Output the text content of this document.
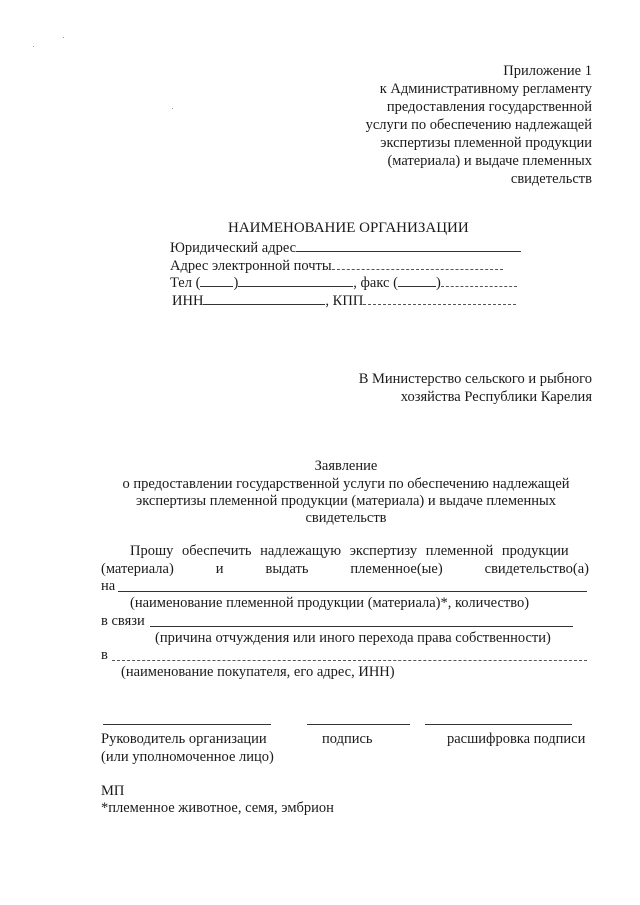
Приложение 1
к Административному регламенту
предоставления государственной
услуги по обеспечению надлежащей
экспертизы племенной продукции
(материала) и выдаче племенных
свидетельств
НАИМЕНОВАНИЕ ОРГАНИЗАЦИИ
Юридический адрес
Адрес электронной почты
Тел ( )	, факс (	)
ИНН	, КПП
В Министерство сельского и рыбного
хозяйства Республики Карелия
Заявление
о предоставлении государственной услуги по обеспечению надлежащей
экспертизы племенной продукции (материала) и выдаче племенных
свидетельств
Прошу обеспечить надлежащую экспертизу племенной продукции
(материала)	и	выдать	племенное(ые)	свидетельство(а)
на
(наименование племенной продукции (материала)*, количество)
в связи
(причина отчуждения или иного перехода права собственности)
в
(наименование покупателя, его адрес, ИНН)
Руководитель организации	подпись	расшифровка подписи
(или уполномоченное лицо)
МП
*племенное животное, семя, эмбрион
